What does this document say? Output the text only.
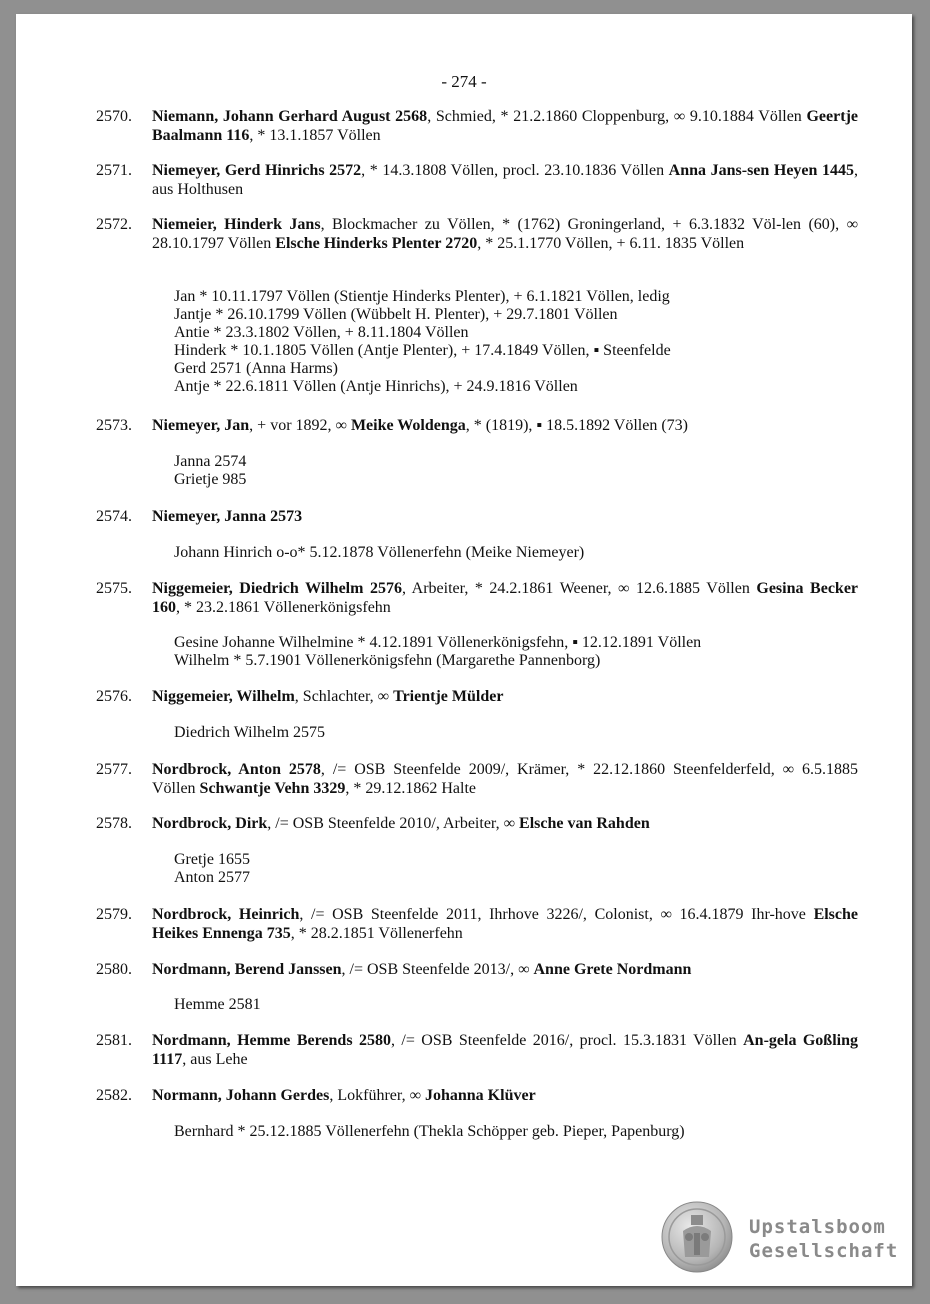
- 274 -
2570.	Niemann, Johann Gerhard August 2568, Schmied, * 21.2.1860 Cloppenburg, ∞ 9.10.1884 Völlen Geertje Baalmann 116, * 13.1.1857 Völlen
2571.	Niemeyer, Gerd Hinrichs 2572, * 14.3.1808 Völlen, procl. 23.10.1836 Völlen Anna Jans-sen Heyen 1445, aus Holthusen
2572.	Niemeier, Hinderk Jans, Blockmacher zu Völlen, * (1762) Groningerland, + 6.3.1832 Völ-len (60), ∞ 28.10.1797 Völlen Elsche Hinderks Plenter 2720, * 25.1.1770 Völlen, + 6.11. 1835 Völlen
Jan * 10.11.1797 Völlen (Stientje Hinderks Plenter), + 6.1.1821 Völlen, ledig
Jantje * 26.10.1799 Völlen (Wübbelt H. Plenter), + 29.7.1801 Völlen
Antie * 23.3.1802 Völlen, + 8.11.1804 Völlen
Hinderk * 10.1.1805 Völlen (Antje Plenter), + 17.4.1849 Völlen, ▪ Steenfelde
Gerd 2571 (Anna Harms)
Antje * 22.6.1811 Völlen (Antje Hinrichs), + 24.9.1816 Völlen
2573.	Niemeyer, Jan, + vor 1892, ∞ Meike Woldenga, * (1819), ▪ 18.5.1892 Völlen (73)
Janna 2574
Grietje 985
2574.	Niemeyer, Janna 2573
Johann Hinrich o-o* 5.12.1878 Völlenerfehn (Meike Niemeyer)
2575.	Niggemeier, Diedrich Wilhelm 2576, Arbeiter, * 24.2.1861 Weener, ∞ 12.6.1885 Völlen Gesina Becker 160, * 23.2.1861 Völlenerkönigsfehn
Gesine Johanne Wilhelmine * 4.12.1891 Völlenerkönigsfehn, ▪ 12.12.1891 Völlen
Wilhelm * 5.7.1901 Völlenerkönigsfehn (Margarethe Pannenborg)
2576.	Niggemeier, Wilhelm, Schlachter, ∞ Trientje Mülder
Diedrich Wilhelm 2575
2577.	Nordbrock, Anton 2578, /= OSB Steenfelde 2009/, Krämer, * 22.12.1860 Steenfelderfeld, ∞ 6.5.1885 Völlen Schwantje Vehn 3329, * 29.12.1862 Halte
2578.	Nordbrock, Dirk, /= OSB Steenfelde 2010/, Arbeiter, ∞ Elsche van Rahden
Gretje 1655
Anton 2577
2579.	Nordbrock, Heinrich, /= OSB Steenfelde 2011, Ihrhove 3226/, Colonist, ∞ 16.4.1879 Ihr-hove Elsche Heikes Ennenga 735, * 28.2.1851 Völlenerfehn
2580.	Nordmann, Berend Janssen, /= OSB Steenfelde 2013/, ∞ Anne Grete Nordmann
Hemme 2581
2581.	Nordmann, Hemme Berends 2580, /= OSB Steenfelde 2016/, procl. 15.3.1831 Völlen An-gela Goßling 1117, aus Lehe
2582.	Normann, Johann Gerdes, Lokführer, ∞ Johanna Klüver
Bernhard * 25.12.1885 Völlenerfehn (Thekla Schöpper geb. Pieper, Papenburg)
Upstalsboom
Gesellschaft
